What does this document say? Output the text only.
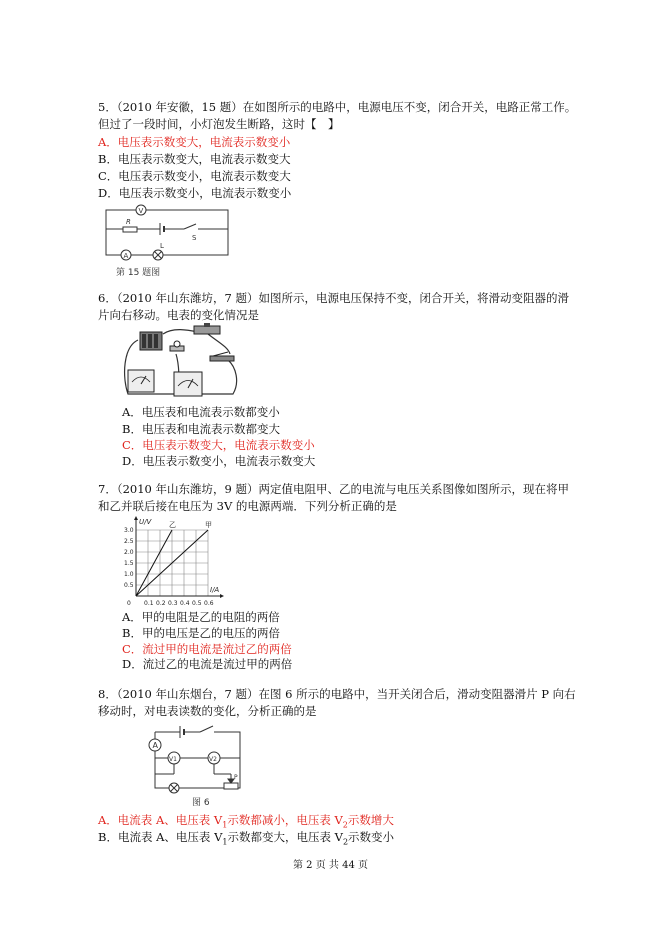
5．（2010 年安徽，15 题）在如图所示的电路中，电源电压不变，闭合开关，电路正常工作。
但过了一段时间，小灯泡发生断路，这时【　】
A．电压表示数变大，电流表示数变小
B．电压表示数变大，电流表示数变大
C．电压表示数变小，电流表示数变大
D．电压表示数变小，电流表示数变小
V
R
S
A
L
第 15 题图
6．（2010 年山东潍坊，7 题）如图所示，电源电压保持不变，闭合开关，将滑动变阻器的滑
片向右移动。电表的变化情况是
A．电压表和电流表示数都变小
B．电压表和电流表示数都变大
C．电压表示数变大，电流表示数变小
D．电压表示数变小，电流表示数变大
7．（2010 年山东潍坊，9 题）两定值电阻甲、乙的电流与电压关系图像如图所示，现在将甲
和乙并联后接在电压为 3V 的电源两端．下列分析正确的是
0 0.1 0.2 0.3 0.4 0.5 0.6
0.5
1.0
1.5
2.0
2.5
3.0
I/A
U/V	乙	甲
A．甲的电阻是乙的电阻的两倍
B．甲的电压是乙的电压的两倍
C．流过甲的电流是流过乙的两倍
D．流过乙的电流是流过甲的两倍
8．（2010 年山东烟台，7 题）在图 6 所示的电路中，当开关闭合后，滑动变阻器滑片 P 向右
移动时，对电表读数的变化，分析正确的是
A
V1	V2
P
图 6
A．电流表 A、电压表 $V_1$示数都减小，电压表 $V_2$示数增大
B．电流表 A、电压表 $V_1$示数都变大，电压表 $V_2$示数变小
第 2 页 共 44 页
